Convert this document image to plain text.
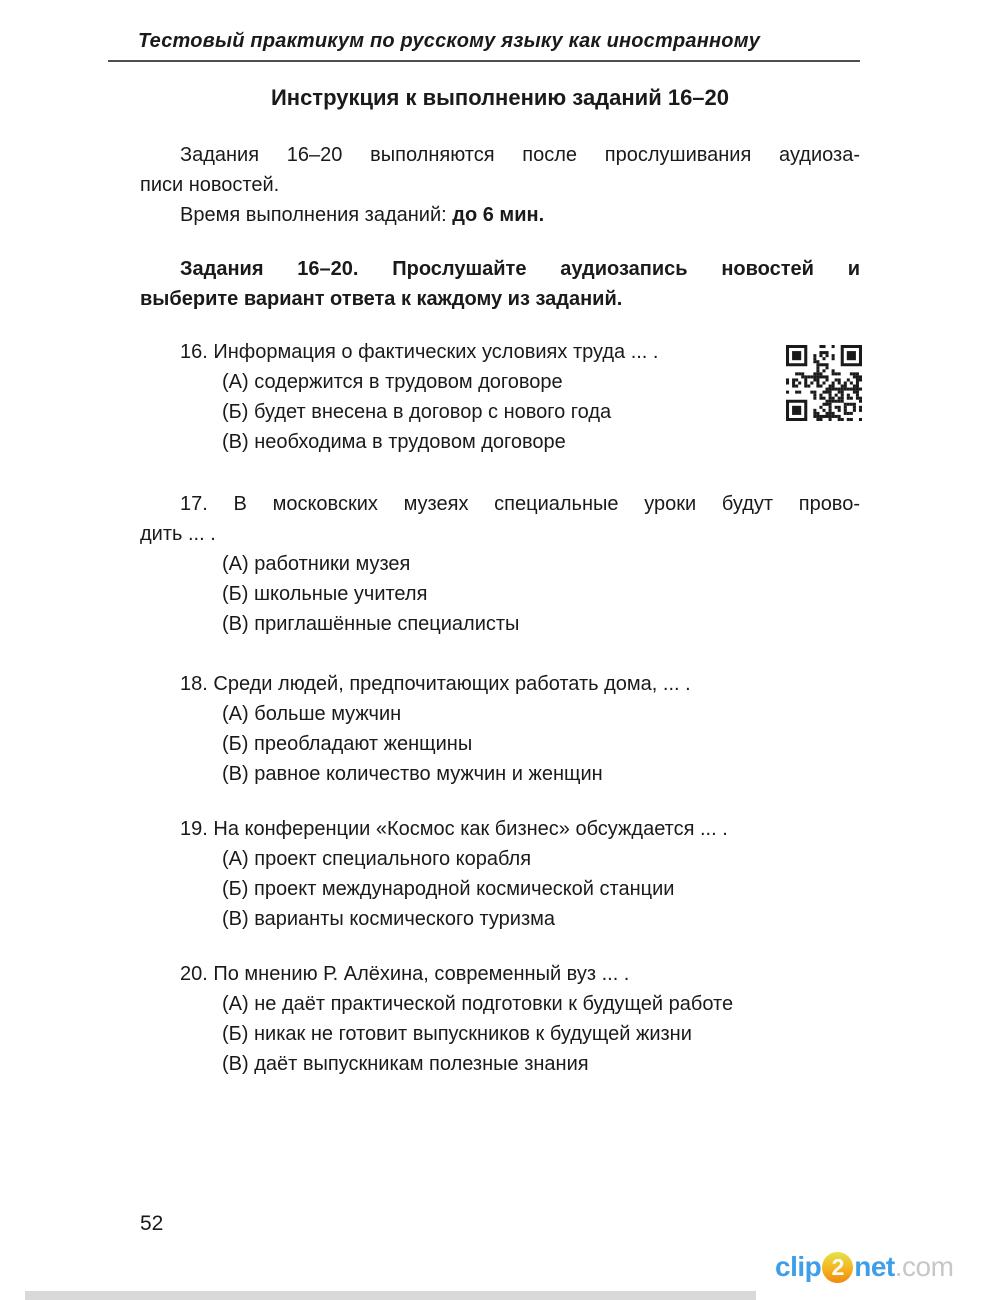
Тестовый практикум по русскому языку как иностранному
Инструкция к выполнению заданий 16–20
Задания 16–20 выполняются после прослушивания аудиоза-
писи новостей.
Время выполнения заданий: до 6 мин.
Задания 16–20. Прослушайте аудиозапись новостей и
выберите вариант ответа к каждому из заданий.
16. Информация о фактических условиях труда ... .
(А) содержится в трудовом договоре
(Б) будет внесена в договор с нового года
(В) необходима в трудовом договоре
17. В московских музеях специальные уроки будут прово-
дить ... .
(А) работники музея
(Б) школьные учителя
(В) приглашённые специалисты
18. Среди людей, предпочитающих работать дома, ... .
(А) больше мужчин
(Б) преобладают женщины
(В) равное количество мужчин и женщин
19. На конференции «Космос как бизнес» обсуждается ... .
(А) проект специального корабля
(Б) проект международной космической станции
(В) варианты космического туризма
20. По мнению Р. Алёхина, современный вуз ... .
(А) не даёт практической подготовки к будущей работе
(Б) никак не готовит выпускников к будущей жизни
(В) даёт выпускникам полезные знания
52
clip 2 net .com
